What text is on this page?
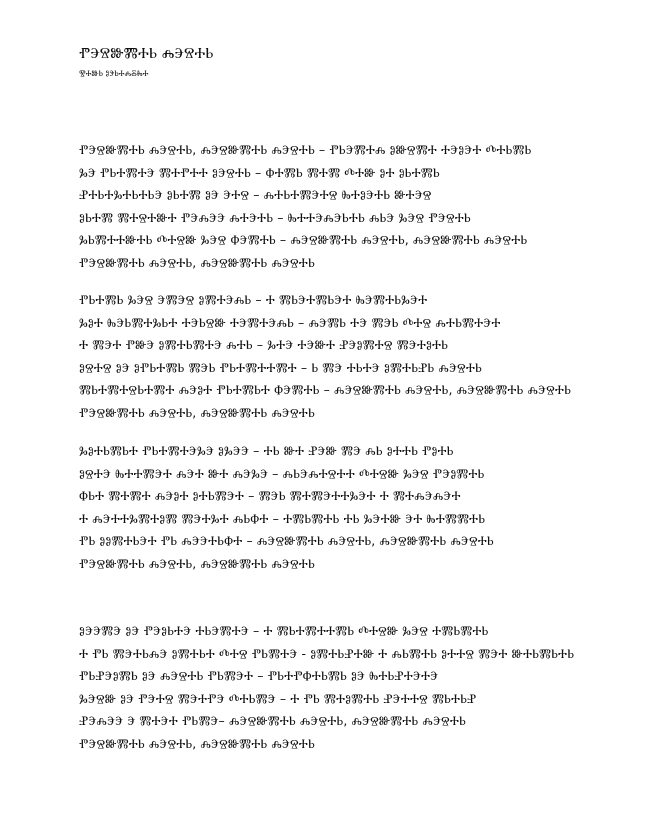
ⰒⰅⰔⰖⰏⰀⰓ ⰎⰅⰔⰀⰓ
ⰊⰀⰖⰓ ⰑⰅⰓⰀⰎⰋⰈⰀ
ⰒⰅⰔⰖⰏⰀⰓ ⰎⰅⰔⰀⰓ, ⰎⰅⰔⰖⰏⰀⰓ ⰎⰅⰔⰀⰓ – ⰒⰓⰅⰏⰀⰎ ⰑⰖⰔⰏⰀ ⰀⰅⰑⰅⰀ ⰄⰀⰓⰏⰓ
ⰃⰅ ⰒⰓⰀⰏⰀⰅ ⰏⰀⰒⰀⰀ ⰑⰅⰔⰀⰓ – ⰗⰀⰏⰓ ⰏⰀⰏ ⰄⰀⰖ ⰑⰀ ⰑⰓⰀⰏⰓ
ⰐⰀⰓⰀⰃⰀⰓⰀⰓⰅ ⰑⰓⰀⰏ ⰑⰅ ⰅⰀⰔ – ⰎⰀⰓⰀⰏⰅⰀⰔ ⰈⰀⰑⰅⰀⰓ ⰖⰀⰅⰔ
ⰑⰓⰀⰏ ⰏⰀⰔⰀⰖⰀ ⰒⰅⰎⰅⰅ ⰎⰀⰅⰀⰓ – ⰈⰀⰀⰅⰎⰅⰓⰀⰓ ⰎⰓⰅ ⰃⰅⰔ ⰒⰅⰔⰀⰓ
ⰃⰓⰏⰀⰀⰖⰀⰓ ⰄⰀⰔⰖ ⰃⰅⰔ ⰗⰅⰏⰀⰓ – ⰎⰅⰔⰖⰏⰀⰓ ⰎⰅⰔⰀⰓ, ⰎⰅⰔⰖⰏⰀⰓ ⰎⰅⰔⰀⰓ
ⰒⰅⰔⰖⰏⰀⰓ ⰎⰅⰔⰀⰓ, ⰎⰅⰔⰖⰏⰀⰓ ⰎⰅⰔⰀⰓ
ⰒⰓⰀⰏⰓ ⰃⰅⰔ ⰅⰏⰅⰔ ⰑⰏⰀⰅⰎⰓ – Ⰰ ⰏⰓⰅⰀⰏⰓⰅⰀ ⰈⰅⰏⰀⰓⰃⰅⰀ
ⰃⰑⰀ ⰈⰅⰓⰏⰀⰃⰓⰀ ⰀⰅⰓⰔⰖ ⰀⰅⰏⰀⰅⰎⰓ – ⰎⰅⰏⰓ ⰀⰅ ⰏⰅⰓ ⰄⰀⰔ ⰎⰀⰓⰏⰀⰅⰀ
Ⰰ ⰏⰅⰀ ⰒⰖⰅ ⰑⰏⰀⰓⰏⰀⰅ ⰎⰀⰓ – ⰃⰀⰅ ⰀⰅⰖⰀ ⰐⰅⰑⰏⰀⰔ ⰏⰅⰀⰑⰀⰓ
ⰑⰔⰀⰔ ⰑⰅ ⰑⰒⰓⰀⰏⰓ ⰏⰅⰓ ⰒⰓⰀⰏⰀⰀⰏⰀ – Ⱃ ⰏⰅ ⰀⰓⰀⰅ ⰑⰏⰀⰓⰐⰓ ⰎⰅⰔⰀⰓ
ⰏⰓⰀⰏⰀⰔⰓⰀⰏⰀ ⰎⰅⰑⰀ ⰒⰓⰀⰏⰓⰀ ⰗⰅⰏⰀⰓ – ⰎⰅⰔⰖⰏⰀⰓ ⰎⰅⰔⰀⰓ, ⰎⰅⰔⰖⰏⰀⰓ ⰎⰅⰔⰀⰓ
ⰒⰅⰔⰖⰏⰀⰓ ⰎⰅⰔⰀⰓ, ⰎⰅⰔⰖⰏⰀⰓ ⰎⰅⰔⰀⰓ
ⰃⰑⰀⰓⰏⰓⰀ ⰒⰓⰀⰏⰀⰅⰃⰅ ⰑⰃⰅⰅ – ⰀⰓ ⰖⰀ ⰐⰅⰖ ⰏⰅ ⰎⰓ ⰑⰀⰀⰓ ⰒⰑⰀⰓ
ⰑⰔⰀⰅ ⰈⰀⰀⰏⰅⰀ ⰎⰅⰀ ⰖⰀ ⰎⰅⰃⰅ – ⰎⰓⰅⰎⰀⰔⰀⰀ ⰄⰀⰔⰖ ⰃⰅⰔ ⰒⰅⰑⰏⰀⰓ
ⰗⰓⰀ ⰏⰀⰏⰀ ⰎⰅⰑⰀ ⰑⰀⰓⰏⰅⰀ – ⰏⰅⰓ ⰏⰀⰏⰅⰀⰀⰃⰅⰀ Ⰰ ⰏⰀⰎⰅⰎⰅⰀ
Ⰰ ⰎⰅⰀⰀⰃⰏⰀⰑⰏ ⰏⰅⰀⰃⰀ ⰎⰓⰗⰀ – ⰀⰏⰓⰏⰀⰓ ⰀⰓ ⰃⰅⰀⰖ ⰅⰀ ⰈⰀⰏⰏⰀⰓ
ⰒⰓ ⰑⰑⰏⰀⰓⰅⰀ ⰒⰓ ⰎⰅⰅⰀⰓⰗⰀ – ⰎⰅⰔⰖⰏⰀⰓ ⰎⰅⰔⰀⰓ, ⰎⰅⰔⰖⰏⰀⰓ ⰎⰅⰔⰀⰓ
ⰒⰅⰔⰖⰏⰀⰓ ⰎⰅⰔⰀⰓ, ⰎⰅⰔⰖⰏⰀⰓ ⰎⰅⰔⰀⰓ
ⰑⰅⰅⰏⰅ ⰑⰅ ⰒⰅⰑⰓⰀⰅ ⰀⰓⰅⰏⰀⰅ – Ⰰ ⰏⰓⰀⰏⰀⰀⰏⰓ ⰄⰀⰔⰖ ⰃⰅⰔ ⰀⰏⰓⰏⰀⰓ
Ⰰ ⰒⰓ ⰏⰅⰀⰓⰎⰅ ⰑⰏⰀⰓⰀ ⰄⰀⰔ ⰒⰓⰏⰀⰅ - ⰑⰏⰀⰓⰐⰀⰖ Ⰰ ⰎⰓⰏⰀⰓ ⰑⰀⰀⰔ ⰏⰅⰀ ⰖⰀⰓⰏⰓⰀⰓ
ⰒⰓⰐⰅⰑⰏⰓ ⰑⰅ ⰎⰅⰔⰀⰓ ⰒⰓⰏⰅⰀ – ⰒⰓⰀⰒⰗⰀⰓⰏⰓ ⰑⰅ ⰈⰀⰓⰐⰀⰅⰀⰅ
ⰃⰅⰔⰖ ⰑⰅ ⰒⰅⰀⰔ ⰏⰅⰀⰒⰅ ⰄⰀⰓⰏⰅ – Ⰰ ⰒⰓ ⰏⰀⰑⰏⰀⰓ ⰐⰅⰀⰀⰔ ⰏⰓⰀⰓⰐ
ⰐⰅⰎⰅⰅ Ⰵ ⰏⰀⰅⰀ ⰒⰓⰏⰅ– ⰎⰅⰔⰖⰏⰀⰓ ⰎⰅⰔⰀⰓ, ⰎⰅⰔⰖⰏⰀⰓ ⰎⰅⰔⰀⰓ
ⰒⰅⰔⰖⰏⰀⰓ ⰎⰅⰔⰀⰓ, ⰎⰅⰔⰖⰏⰀⰓ ⰎⰅⰔⰀⰓ
